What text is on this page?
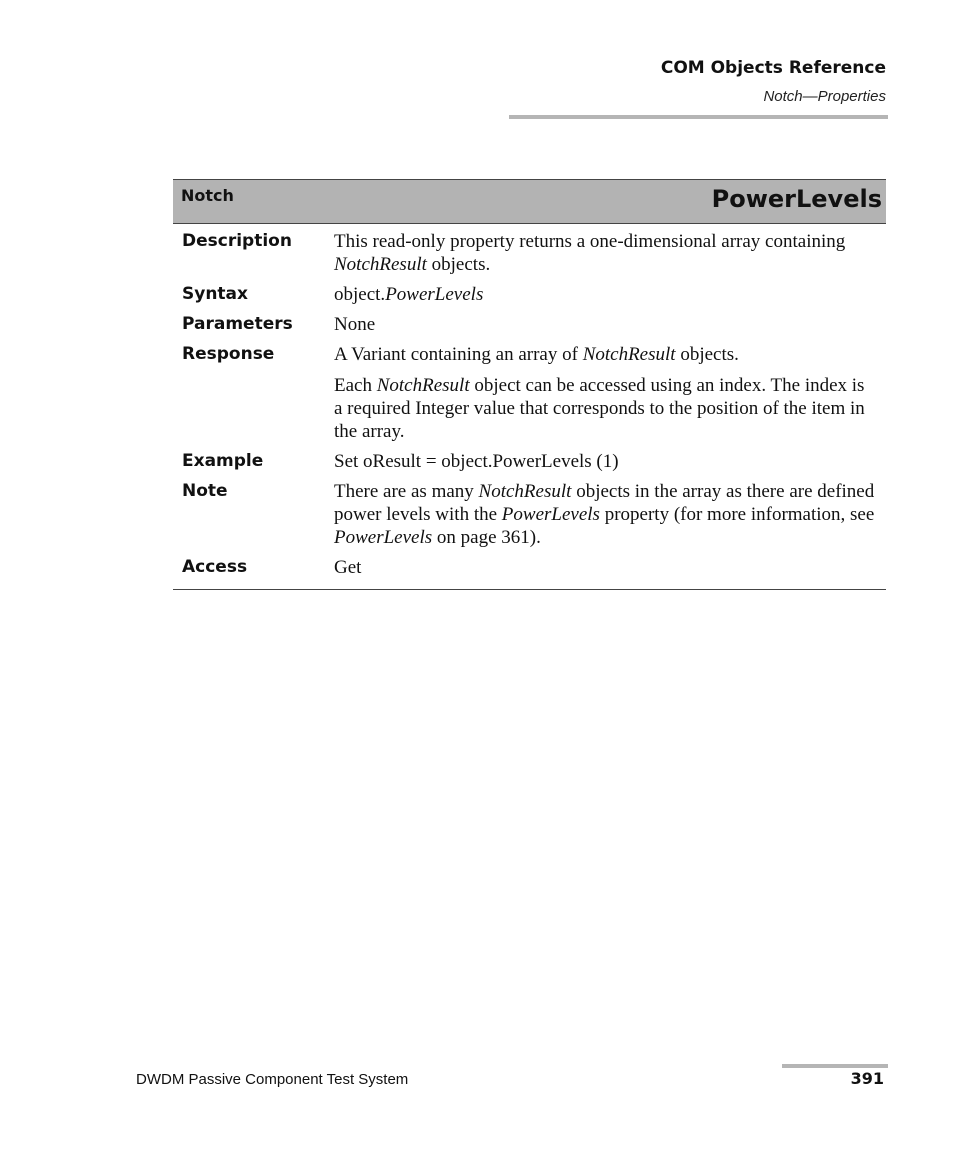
COM Objects Reference
Notch—Properties
Notch	PowerLevels
Description	This read-only property returns a one-dimensional array containing NotchResult objects.

Syntax	object.PowerLevels

Parameters	None

Response	A Variant containing an array of NotchResult objects.

Each NotchResult object can be accessed using an index. The index is a required Integer value that corresponds to the position of the item in the array.

Example	Set oResult = object.PowerLevels (1)

Note	There are as many NotchResult objects in the array as there are defined power levels with the PowerLevels property (for more information, see PowerLevels on page 361).

Access	Get

DWDM Passive Component Test System	391
